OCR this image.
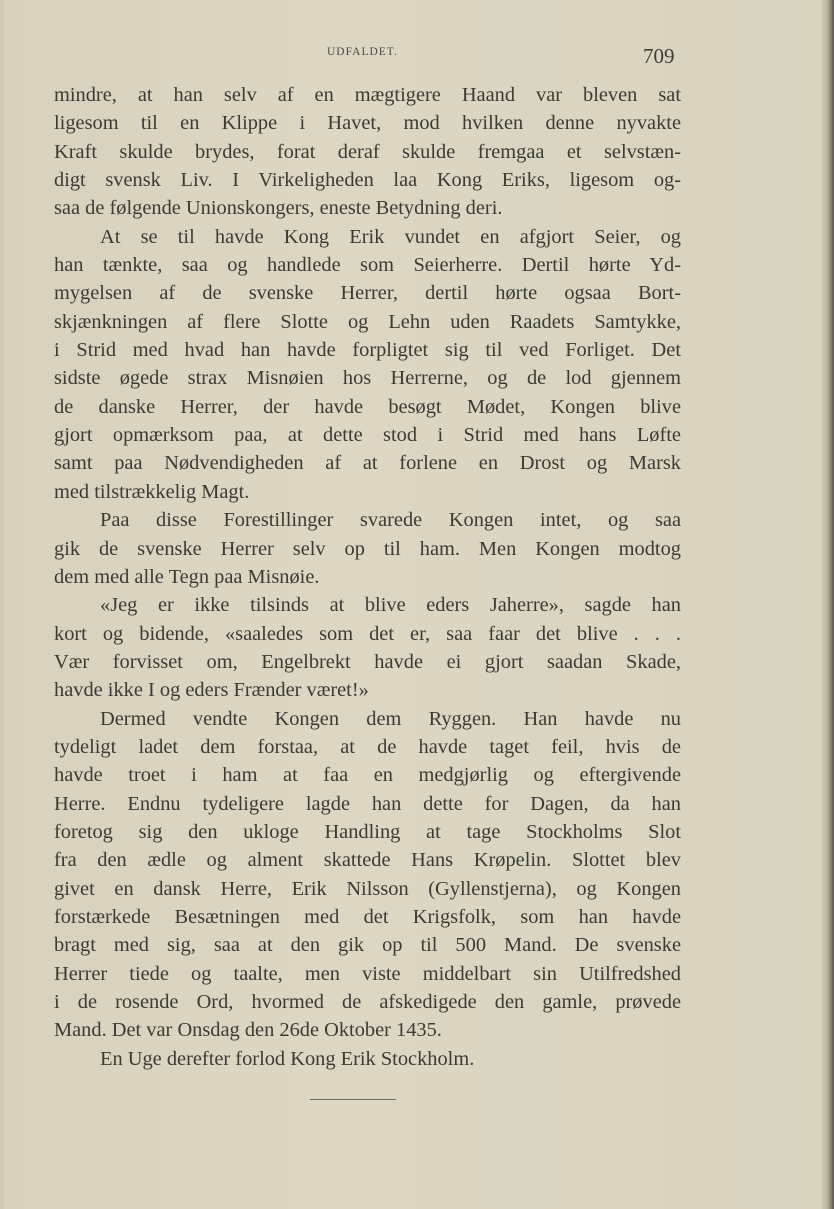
UDFALDET.	709
mindre, at han selv af en mægtigere Haand var bleven sat
ligesom til en Klippe i Havet, mod hvilken denne nyvakte
Kraft skulde brydes, forat deraf skulde fremgaa et selvstæn-
digt svensk Liv. I Virkeligheden laa Kong Eriks, ligesom og-
saa de følgende Unionskongers, eneste Betydning deri.
At se til havde Kong Erik vundet en afgjort Seier, og
han tænkte, saa og handlede som Seierherre. Dertil hørte Yd-
mygelsen af de svenske Herrer, dertil hørte ogsaa Bort-
skjænkningen af flere Slotte og Lehn uden Raadets Samtykke,
i Strid med hvad han havde forpligtet sig til ved Forliget. Det
sidste øgede strax Misnøien hos Herrerne, og de lod gjennem
de danske Herrer, der havde besøgt Mødet, Kongen blive
gjort opmærksom paa, at dette stod i Strid med hans Løfte
samt paa Nødvendigheden af at forlene en Drost og Marsk
med tilstrækkelig Magt.
Paa disse Forestillinger svarede Kongen intet, og saa
gik de svenske Herrer selv op til ham. Men Kongen modtog
dem med alle Tegn paa Misnøie.
«Jeg er ikke tilsinds at blive eders Jaherre», sagde han
kort og bidende, «saaledes som det er, saa faar det blive . . .
Vær forvisset om, Engelbrekt havde ei gjort saadan Skade,
havde ikke I og eders Frænder været!»
Dermed vendte Kongen dem Ryggen. Han havde nu
tydeligt ladet dem forstaa, at de havde taget feil, hvis de
havde troet i ham at faa en medgjørlig og eftergivende
Herre. Endnu tydeligere lagde han dette for Dagen, da han
foretog sig den ukloge Handling at tage Stockholms Slot
fra den ædle og alment skattede Hans Krøpelin. Slottet blev
givet en dansk Herre, Erik Nilsson (Gyllenstjerna), og Kongen
forstærkede Besætningen med det Krigsfolk, som han havde
bragt med sig, saa at den gik op til 500 Mand. De svenske
Herrer tiede og taalte, men viste middelbart sin Utilfredshed
i de rosende Ord, hvormed de afskedigede den gamle, prøvede
Mand. Det var Onsdag den 26de Oktober 1435.
En Uge derefter forlod Kong Erik Stockholm.
